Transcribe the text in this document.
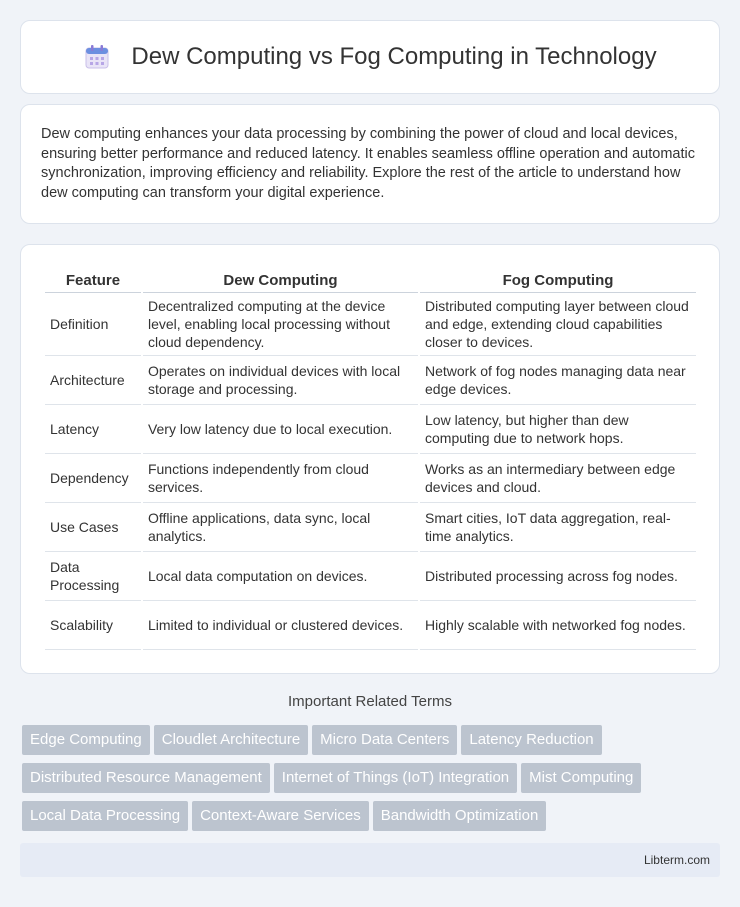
Dew Computing vs Fog Computing in Technology

Dew computing enhances your data processing by combining the power of cloud and local devices, ensuring better performance and reduced latency. It enables seamless offline operation and automatic synchronization, improving efficiency and reliability. Explore the rest of the article to understand how dew computing can transform your digital experience.

Feature	Dew Computing	Fog Computing
Definition	Decentralized computing at the device level, enabling local processing without cloud dependency.	Distributed computing layer between cloud and edge, extending cloud capabilities closer to devices.
Architecture	Operates on individual devices with local storage and processing.	Network of fog nodes managing data near edge devices.
Latency	Very low latency due to local execution.	Low latency, but higher than dew computing due to network hops.
Dependency	Functions independently from cloud services.	Works as an intermediary between edge devices and cloud.
Use Cases	Offline applications, data sync, local analytics.	Smart cities, IoT data aggregation, real-time analytics.
Data Processing	Local data computation on devices.	Distributed processing across fog nodes.
Scalability	Limited to individual or clustered devices.	Highly scalable with networked fog nodes.
Important Related Terms
Edge Computing Cloudlet Architecture Micro Data Centers Latency Reduction
Distributed Resource Management Internet of Things (IoT) Integration Mist Computing
Local Data Processing Context-Aware Services Bandwidth Optimization
Libterm.com
